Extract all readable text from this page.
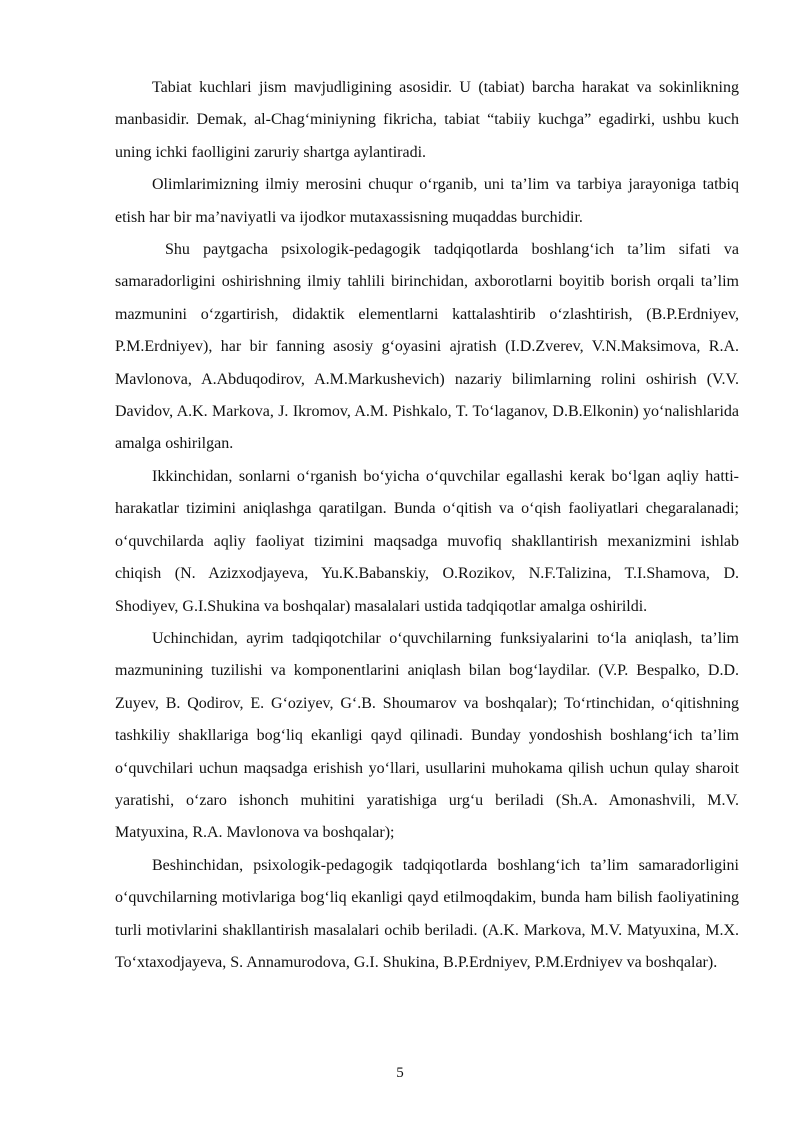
Tabiat kuchlari jism mavjudligining asosidir. U (tabiat) barcha harakat va sokinlikning manbasidir. Demak, al-Chag‘miniyning fikricha, tabiat “tabiiy kuchga” egadirki, ushbu kuch uning ichki faolligini zaruriy shartga aylantiradi.

Olimlarimizning ilmiy merosini chuqur o‘rganib, uni ta’lim va tarbiya jarayoniga tatbiq etish har bir ma’naviyatli va ijodkor mutaxassisning muqaddas burchidir.

Shu paytgacha psixologik-pedagogik tadqiqotlarda boshlang‘ich ta’lim sifati va samaradorligini oshirishning ilmiy tahlili birinchidan, axborotlarni boyitib borish orqali ta’lim mazmunini o‘zgartirish, didaktik elementlarni kattalashtirib o‘zlashtirish, (B.P.Erdniyev, P.M.Erdniyev), har bir fanning asosiy g‘oyasini ajratish (I.D.Zverev, V.N.Maksimova, R.A. Mavlonova, A.Abduqodirov, A.M.Markushevich) nazariy bilimlarning rolini oshirish (V.V. Davidov, A.K. Markova, J. Ikromov, A.M. Pishkalo, T. To‘laganov, D.B.Elkonin) yo‘nalishlarida amalga oshirilgan.

Ikkinchidan, sonlarni o‘rganish bo‘yicha o‘quvchilar egallashi kerak bo‘lgan aqliy hatti-harakatlar tizimini aniqlashga qaratilgan. Bunda o‘qitish va o‘qish faoliyatlari chegaralanadi; o‘quvchilarda aqliy faoliyat tizimini maqsadga muvofiq shakllantirish mexanizmini ishlab chiqish (N. Azizxodjayeva, Yu.K.Babanskiy, O.Rozikov, N.F.Talizina, T.I.Shamova, D. Shodiyev, G.I.Shukina va boshqalar) masalalari ustida tadqiqotlar amalga oshirildi.

Uchinchidan, ayrim tadqiqotchilar o‘quvchilarning funksiyalarini to‘la aniqlash, ta’lim mazmunining tuzilishi va komponentlarini aniqlash bilan bog‘laydilar. (V.P. Bespalko, D.D. Zuyev, B. Qodirov, E. G‘oziyev, G‘.B. Shoumarov va boshqalar); To‘rtinchidan, o‘qitishning tashkiliy shakllariga bog‘liq ekanligi qayd qilinadi. Bunday yondoshish boshlang‘ich ta’lim o‘quvchilari uchun maqsadga erishish yo‘llari, usullarini muhokama qilish uchun qulay sharoit yaratishi, o‘zaro ishonch muhitini yaratishiga urg‘u beriladi (Sh.A. Amonashvili, M.V. Matyuxina, R.A. Mavlonova va boshqalar);

Beshinchidan, psixologik-pedagogik tadqiqotlarda boshlang‘ich ta’lim samaradorligini o‘quvchilarning motivlariga bog‘liq ekanligi qayd etilmoqdakim, bunda ham bilish faoliyatining turli motivlarini shakllantirish masalalari ochib beriladi. (A.K. Markova, M.V. Matyuxina, M.X. To‘xtaxodjayeva, S. Annamurodova, G.I. Shukina, B.P.Erdniyev, P.M.Erdniyev va boshqalar).

5
